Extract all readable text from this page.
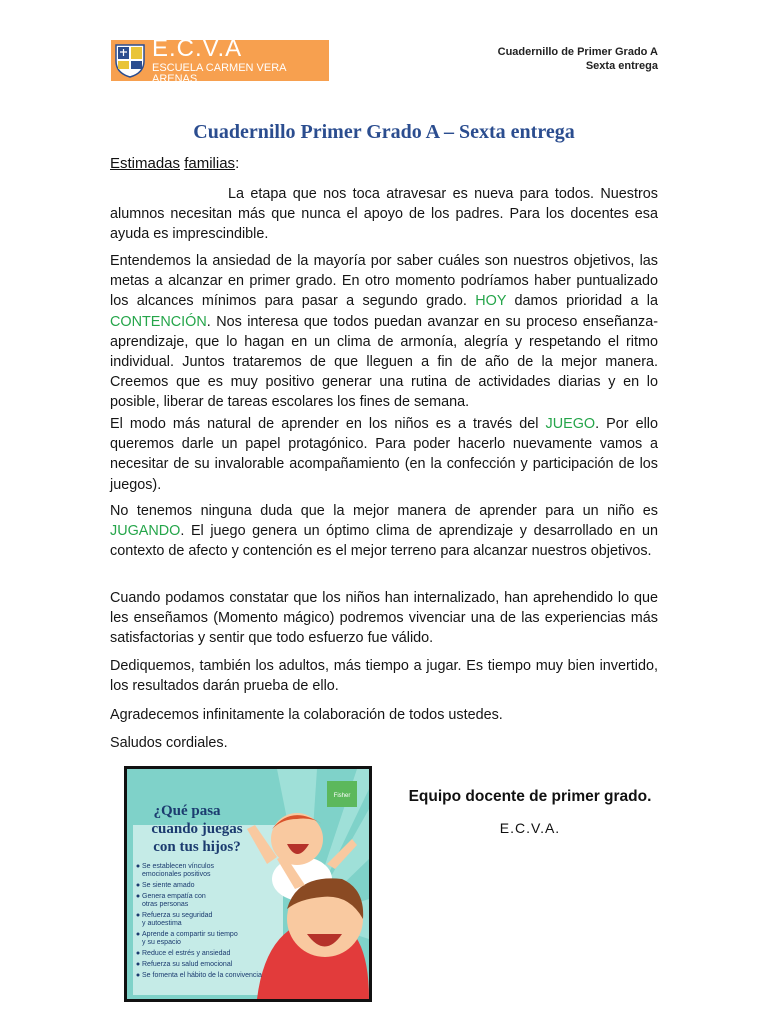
E.C.V.A
ESCUELA CARMEN VERA ARENAS
Cuadernillo de Primer Grado A
Sexta entrega
Cuadernillo Primer Grado A – Sexta entrega
Estimadas familias:
La etapa que nos toca atravesar es nueva para todos. Nuestros alumnos necesitan más que nunca el apoyo de los padres. Para los docentes esa ayuda es imprescindible.
Entendemos la ansiedad de la mayoría por saber cuáles son nuestros objetivos, las metas a alcanzar en primer grado. En otro momento podríamos haber puntualizado los alcances mínimos para pasar a segundo grado. HOY damos prioridad a la CONTENCIÓN. Nos interesa que todos puedan avanzar en su proceso enseñanza-aprendizaje, que lo hagan en un clima de armonía, alegría y respetando el ritmo individual. Juntos trataremos de que lleguen a fin de año de la mejor manera. Creemos que es muy positivo generar una rutina de actividades diarias y en lo posible, liberar de tareas escolares los fines de semana.
El modo más natural de aprender en los niños es a través del JUEGO. Por ello queremos darle un papel protagónico. Para poder hacerlo nuevamente vamos a necesitar de su invalorable acompañamiento (en la confección y participación de los juegos).
No tenemos ninguna duda que la mejor manera de aprender para un niño es JUGANDO. El juego genera un óptimo clima de aprendizaje y desarrollado en un contexto de afecto y contención es el mejor terreno para alcanzar nuestros objetivos.
Cuando podamos constatar que los niños han internalizado, han aprehendido lo que les enseñamos (Momento mágico) podremos vivenciar una de las experiencias más satisfactorias y sentir que todo esfuerzo fue válido.
Dediquemos, también los adultos, más tiempo a jugar. Es tiempo muy bien invertido, los resultados darán prueba de ello.
Agradecemos infinitamente la colaboración de todos ustedes.
Saludos cordiales.
Fisher
¿Qué pasa
cuando juegas
con tus hijos?
Se establecen vínculos
emocionales positivos
Se siente amado
Genera empatía con
otras personas
Refuerza su seguridad
y autoestima
Aprende a compartir su tiempo
y su espacio
Reduce el estrés y ansiedad
Refuerza su salud emocional
Se fomenta el hábito de la convivencia
Equipo docente de primer grado.
E.C.V.A.
